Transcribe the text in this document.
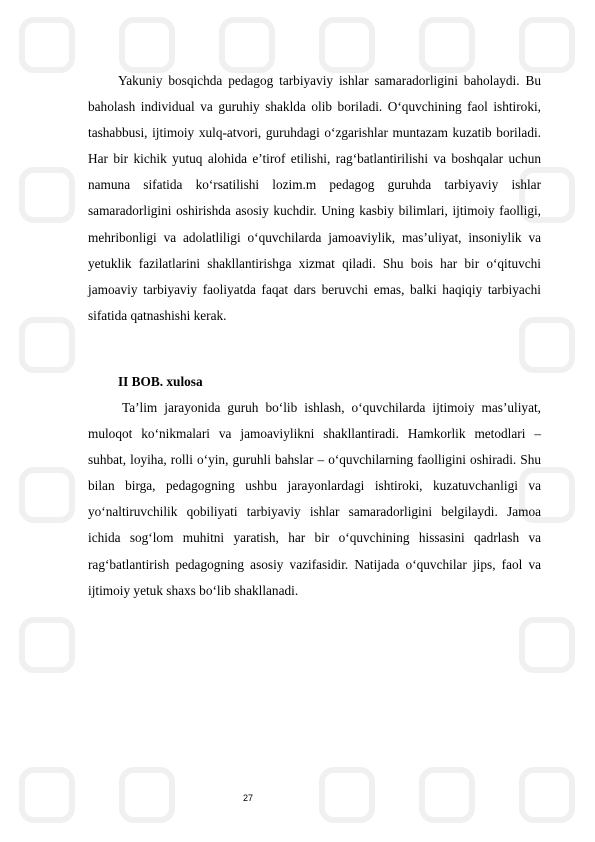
Yakuniy bosqichda pedagog tarbiyaviy ishlar samaradorligini baholaydi. Bu baholash individual va guruhiy shaklda olib boriladi. O‘quvchining faol ishtiroki, tashabbusi, ijtimoiy xulq-atvori, guruhdagi o‘zgarishlar muntazam kuzatib boriladi. Har bir kichik yutuq alohida e’tirof etilishi, rag‘batlantirilishi va boshqalar uchun namuna sifatida ko‘rsatilishi lozim.m pedagog guruhda tarbiyaviy ishlar samaradorligini oshirishda asosiy kuchdir. Uning kasbiy bilimlari, ijtimoiy faolligi, mehribonligi va adolatliligi o‘quvchilarda jamoaviylik, mas’uliyat, insoniylik va yetuklik fazilatlarini shakllantirishga xizmat qiladi. Shu bois har bir o‘qituvchi jamoaviy tarbiyaviy faoliyatda faqat dars beruvchi emas, balki haqiqiy tarbiyachi sifatida qatnashishi kerak.

II BOB. xulosa

Ta’lim jarayonida guruh bo‘lib ishlash, o‘quvchilarda ijtimoiy mas’uliyat, muloqot ko‘nikmalari va jamoaviylikni shakllantiradi. Hamkorlik metodlari – suhbat, loyiha, rolli o‘yin, guruhli bahslar – o‘quvchilarning faolligini oshiradi. Shu bilan birga, pedagogning ushbu jarayonlardagi ishtiroki, kuzatuvchanligi va yo‘naltiruvchilik qobiliyati tarbiyaviy ishlar samaradorligini belgilaydi. Jamoa ichida sog‘lom muhitni yaratish, har bir o‘quvchining hissasini qadrlash va rag‘batlantirish pedagogning asosiy vazifasidir. Natijada o‘quvchilar jips, faol va ijtimoiy yetuk shaxs bo‘lib shakllanadi.

27
